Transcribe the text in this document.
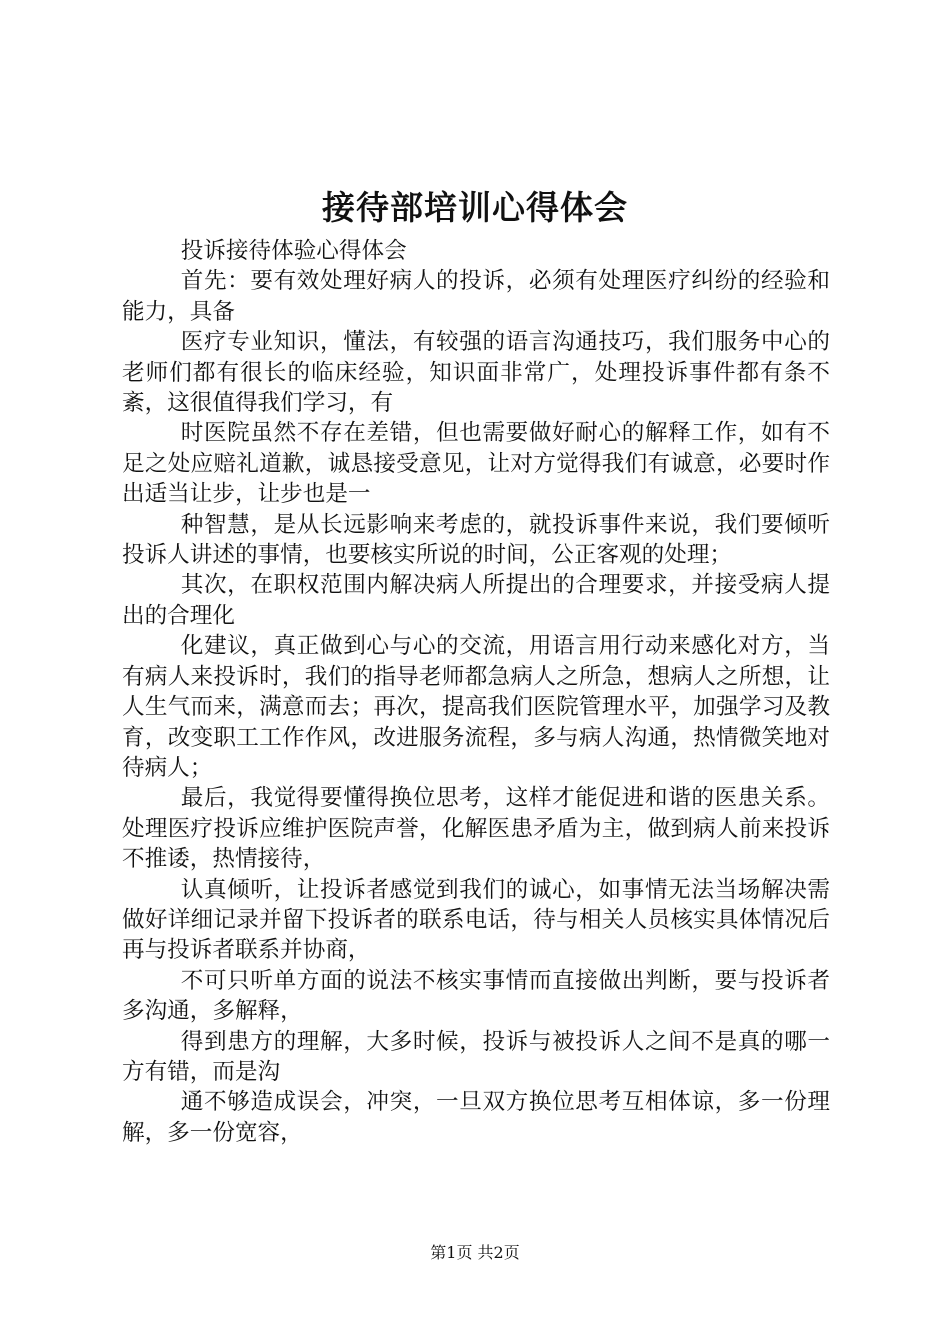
接待部培训心得体会

投诉接待体验心得体会

首先：要有效处理好病人的投诉，必须有处理医疗纠纷的经验和能力，具备

医疗专业知识，懂法，有较强的语言沟通技巧，我们服务中心的老师们都有很长的临床经验，知识面非常广，处理投诉事件都有条不紊，这很值得我们学习，有

时医院虽然不存在差错，但也需要做好耐心的解释工作，如有不足之处应赔礼道歉，诚恳接受意见，让对方觉得我们有诚意，必要时作出适当让步，让步也是一

种智慧，是从长远影响来考虑的，就投诉事件来说，我们要倾听投诉人讲述的事情，也要核实所说的时间，公正客观的处理；

其次，在职权范围内解决病人所提出的合理要求，并接受病人提出的合理化

化建议，真正做到心与心的交流，用语言用行动来感化对方，当有病人来投诉时，我们的指导老师都急病人之所急，想病人之所想，让人生气而来，满意而去；再次，提高我们医院管理水平，加强学习及教育，改变职工工作作风，改进服务流程，多与病人沟通，热情微笑地对待病人；

最后，我觉得要懂得换位思考，这样才能促进和谐的医患关系。处理医疗投诉应维护医院声誉，化解医患矛盾为主，做到病人前来投诉不推诿，热情接待，

认真倾听，让投诉者感觉到我们的诚心，如事情无法当场解决需做好详细记录并留下投诉者的联系电话，待与相关人员核实具体情况后再与投诉者联系并协商，

不可只听单方面的说法不核实事情而直接做出判断，要与投诉者多沟通，多解释，

得到患方的理解，大多时候，投诉与被投诉人之间不是真的哪一方有错，而是沟

通不够造成误会，冲突，一旦双方换位思考互相体谅，多一份理解，多一份宽容，

第1页 共2页
